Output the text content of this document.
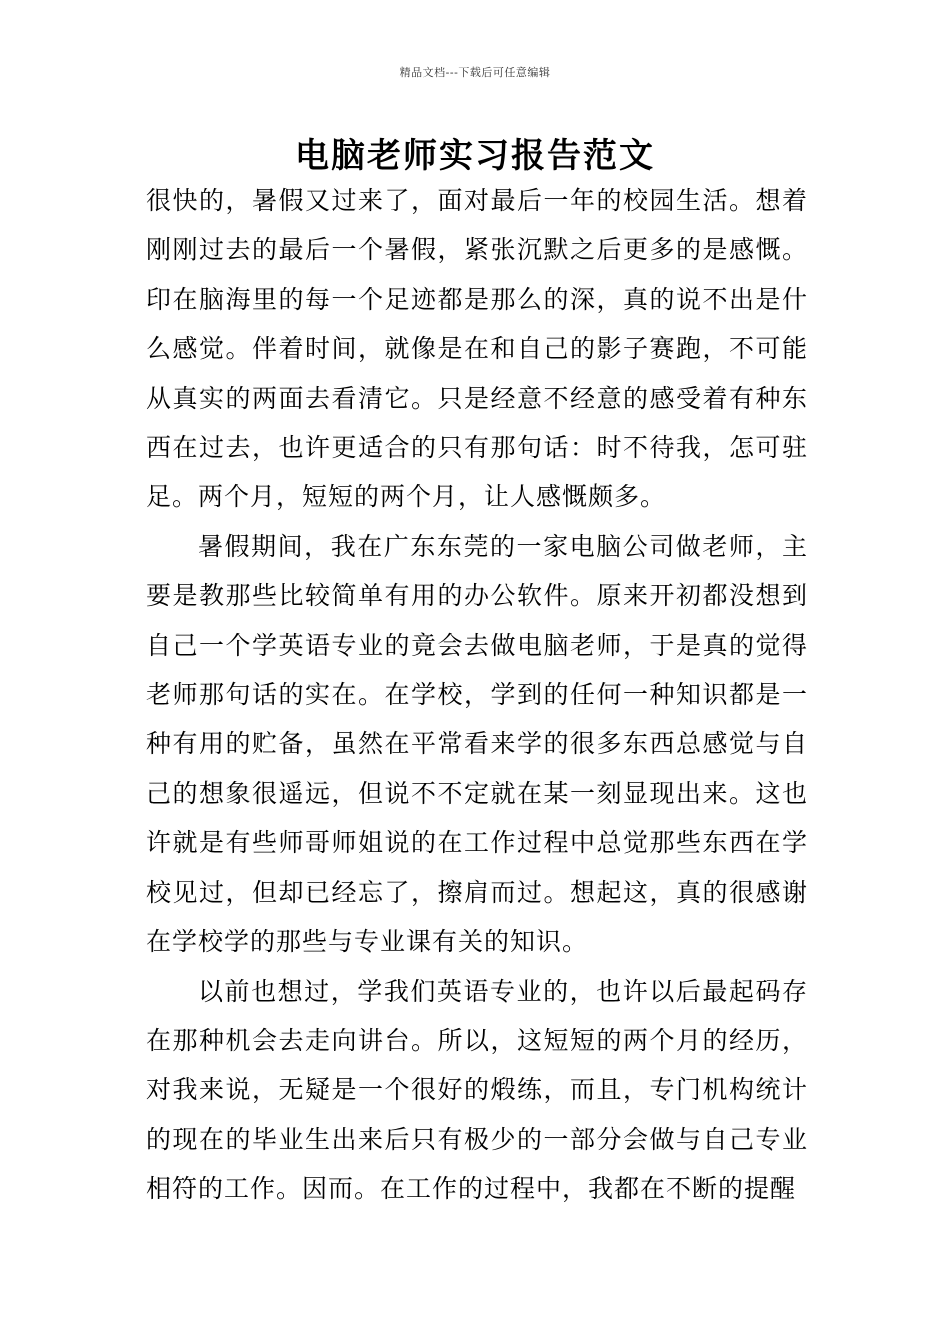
精品文档---下载后可任意编辑
电脑老师实习报告范文

很快的，暑假又过来了，面对最后一年的校园生活。想着刚刚过去的最后一个暑假，紧张沉默之后更多的是感慨。印在脑海里的每一个足迹都是那么的深，真的说不出是什么感觉。伴着时间，就像是在和自己的影子赛跑，不可能从真实的两面去看清它。只是经意不经意的感受着有种东西在过去，也许更适合的只有那句话：时不待我，怎可驻足。两个月，短短的两个月，让人感慨颇多。

暑假期间，我在广东东莞的一家电脑公司做老师，主要是教那些比较简单有用的办公软件。原来开初都没想到自己一个学英语专业的竟会去做电脑老师，于是真的觉得老师那句话的实在。在学校，学到的任何一种知识都是一种有用的贮备，虽然在平常看来学的很多东西总感觉与自己的想象很遥远，但说不不定就在某一刻显现出来。这也许就是有些师哥师姐说的在工作过程中总觉那些东西在学校见过，但却已经忘了，擦肩而过。想起这，真的很感谢在学校学的那些与专业课有关的知识。

以前也想过，学我们英语专业的，也许以后最起码存在那种机会去走向讲台。所以，这短短的两个月的经历，对我来说，无疑是一个很好的煅练，而且，专门机构统计的现在的毕业生出来后只有极少的一部分会做与自己专业相符的工作。因而。在工作的过程中，我都在不断的提醒
